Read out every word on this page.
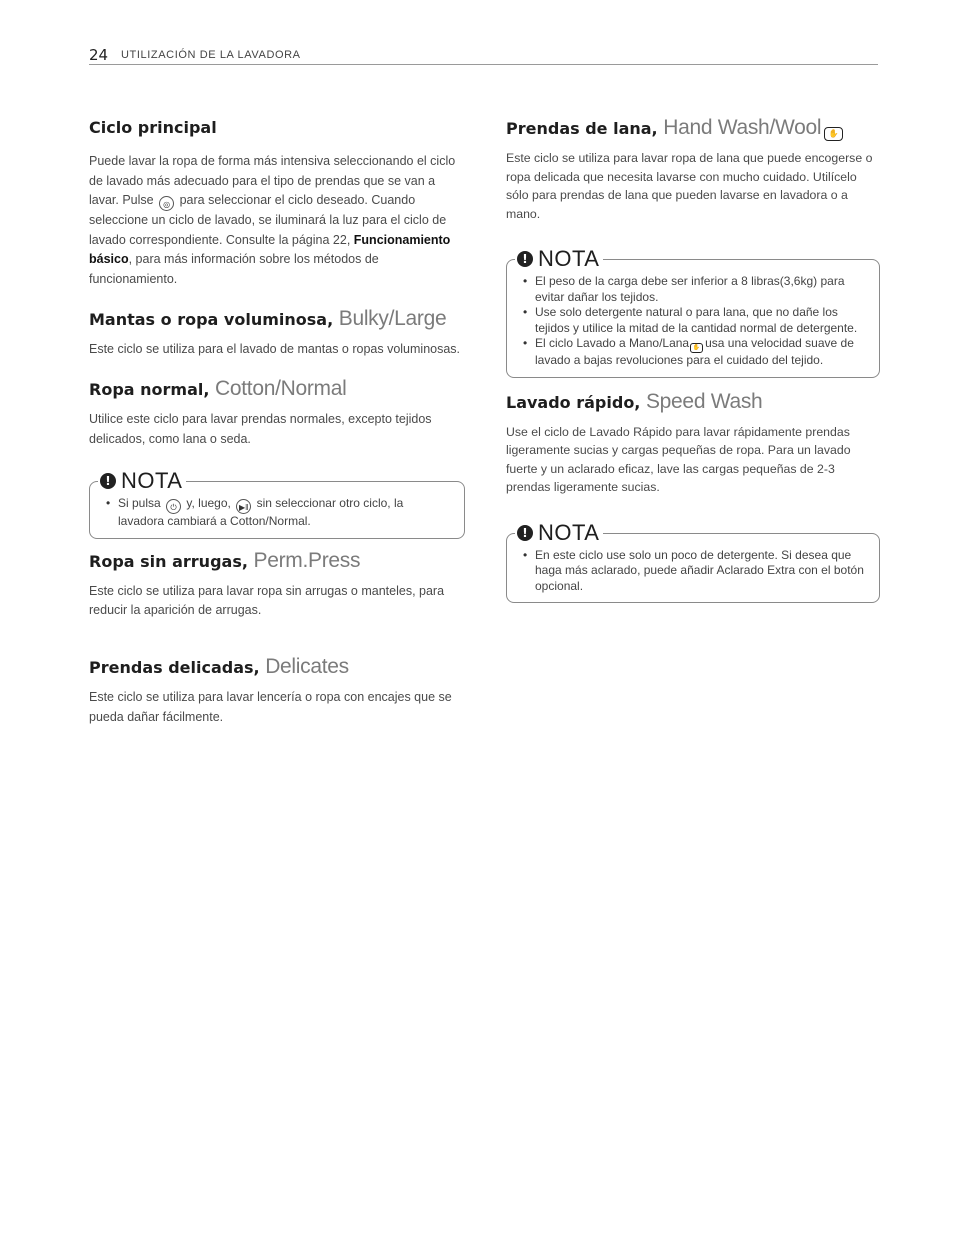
24 UTILIZACIÓN DE LA LAVADORA
Ciclo principal

Puede lavar la ropa de forma más intensiva seleccionando el ciclo de lavado más adecuado para el tipo de prendas que se van a lavar. Pulse ◎ para seleccionar el ciclo deseado. Cuando seleccione un ciclo de lavado, se iluminará la luz para el ciclo de lavado correspondiente. Consulte la página 22, Funcionamiento básico, para más información sobre los métodos de funcionamiento.

Mantas o ropa voluminosa, Bulky/Large

Este ciclo se utiliza para el lavado de mantas o ropas voluminosas.

Ropa normal, Cotton/Normal

Utilice este ciclo para lavar prendas normales, excepto tejidos delicados, como lana o seda.

! NOTA
• Si pulsa ⏻ y, luego, ▶‖ sin seleccionar otro ciclo, la lavadora cambiará a Cotton/Normal.
Ropa sin arrugas, Perm.Press

Este ciclo se utiliza para lavar ropa sin arrugas o manteles, para reducir la aparición de arrugas.

Prendas delicadas, Delicates

Este ciclo se utiliza para lavar lencería o ropa con encajes que se pueda dañar fácilmente.

Prendas de lana, Hand Wash/Wool ✋

Este ciclo se utiliza para lavar ropa de lana que puede encogerse o ropa delicada que necesita lavarse con mucho cuidado. Utilícelo sólo para prendas de lana que pueden lavarse en lavadora o a mano.

! NOTA
• El peso de la carga debe ser inferior a 8 libras(3,6kg) para evitar dañar los tejidos.
• Use solo detergente natural o para lana, que no dañe los tejidos y utilice la mitad de la cantidad normal de detergente.
• El ciclo Lavado a Mano/Lana ✋ usa una velocidad suave de lavado a bajas revoluciones para el cuidado del tejido.
Lavado rápido, Speed Wash

Use el ciclo de Lavado Rápido para lavar rápidamente prendas ligeramente sucias y cargas pequeñas de ropa. Para un lavado fuerte y un aclarado eficaz, lave las cargas pequeñas de 2-3 prendas ligeramente sucias.

! NOTA
• En este ciclo use solo un poco de detergente. Si desea que haga más aclarado, puede añadir Aclarado Extra con el botón opcional.
